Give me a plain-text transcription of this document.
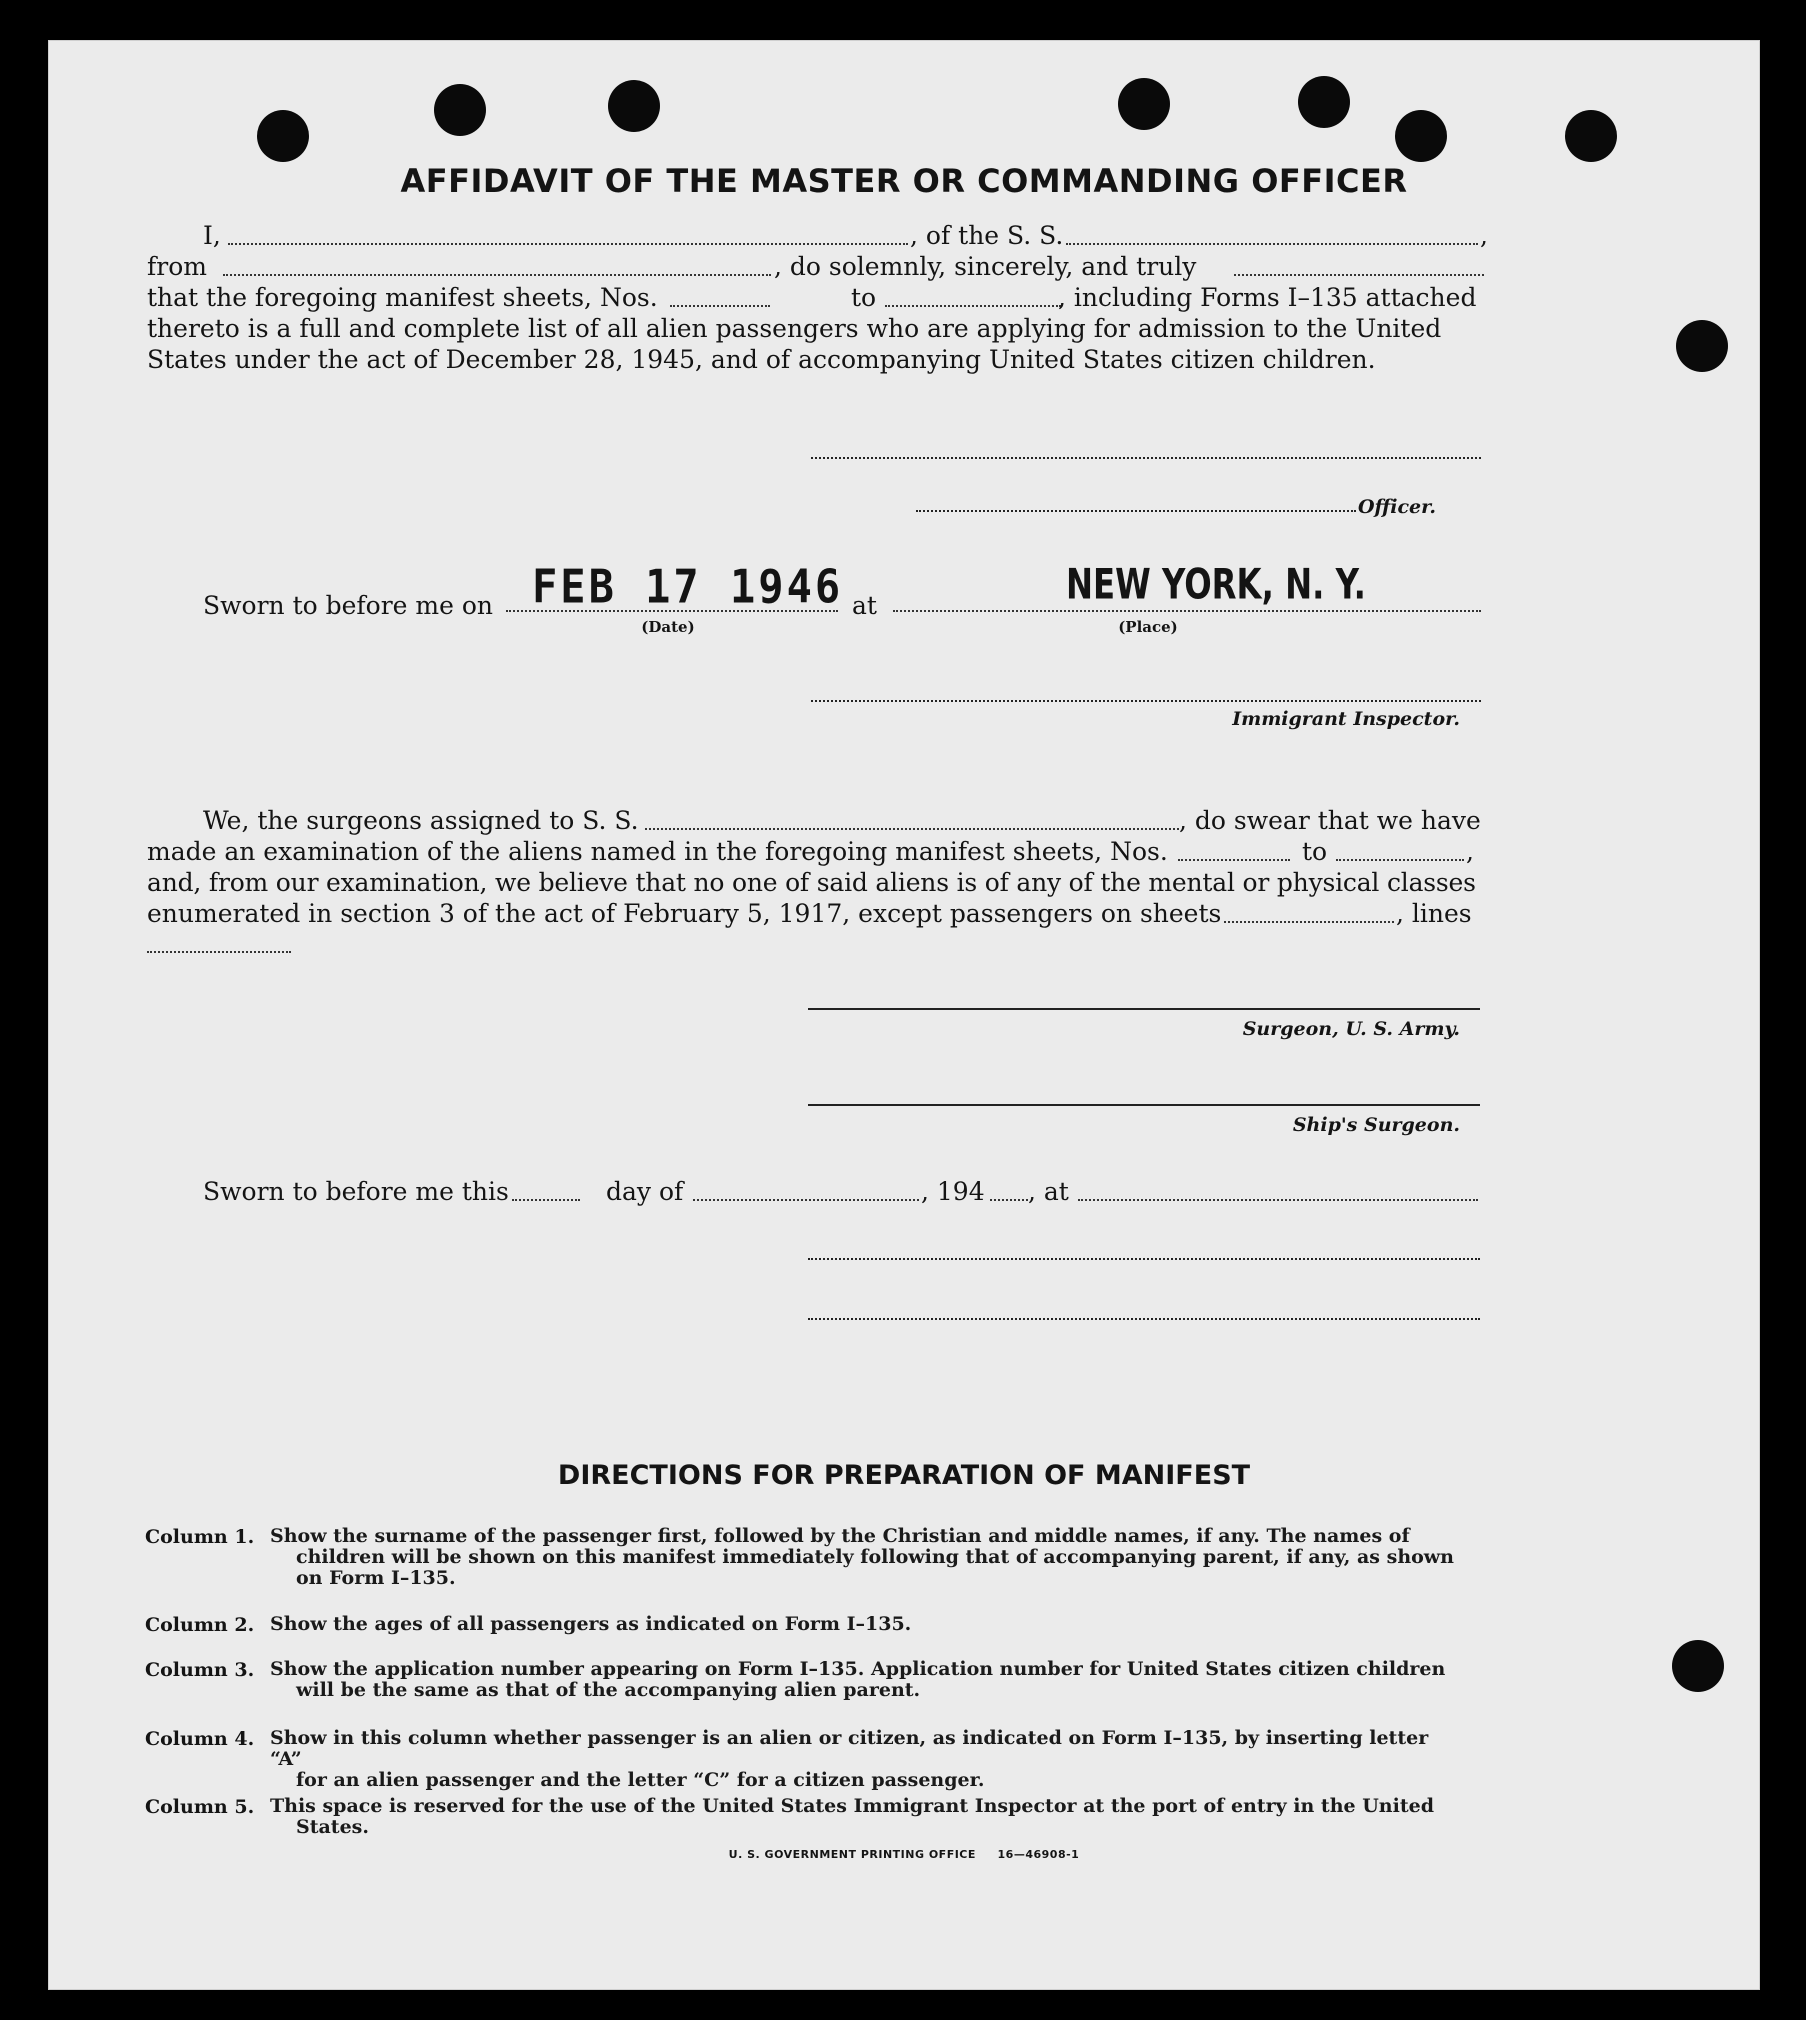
AFFIDAVIT OF THE MASTER OR COMMANDING OFFICER
I,	, of the S. S.	,
from	, do solemnly, sincerely, and truly
that the foregoing manifest sheets, Nos.	to	, including Forms I–135 attached
thereto is a full and complete list of all alien passengers who are applying for admission to the United
States under the act of December 28, 1945, and of accompanying United States citizen children.
Officer.
Sworn to before me on FEB 17 1946
(Date)
at	NEW YORK, N. Y.
(Place)
Immigrant Inspector.
We, the surgeons assigned to S. S.	, do swear that we have
made an examination of the aliens named in the foregoing manifest sheets, Nos.	to	,
and, from our examination, we believe that no one of said aliens is of any of the mental or physical classes
enumerated in section 3 of the act of February 5, 1917, except passengers on sheets	, lines
Surgeon, U. S. Army.
Ship's Surgeon.
Sworn to before me this	day of	, 194 , at
DIRECTIONS FOR PREPARATION OF MANIFEST
Column 1. Show the surname of the passenger first, followed by the Christian and middle names, if any. The names of
children will be shown on this manifest immediately following that of accompanying parent, if any, as shown on Form I–135.
Column 2. Show the ages of all passengers as indicated on Form I–135.
Column 3. Show the application number appearing on Form I–135. Application number for United States citizen children
will be the same as that of the accompanying alien parent.
Column 4. Show in this column whether passenger is an alien or citizen, as indicated on Form I–135, by inserting letter “A”
for an alien passenger and the letter “C” for a citizen passenger.
Column 5. This space is reserved for the use of the United States Immigrant Inspector at the port of entry in the United
States.
U. S. GOVERNMENT PRINTING OFFICE     16—46908-1
